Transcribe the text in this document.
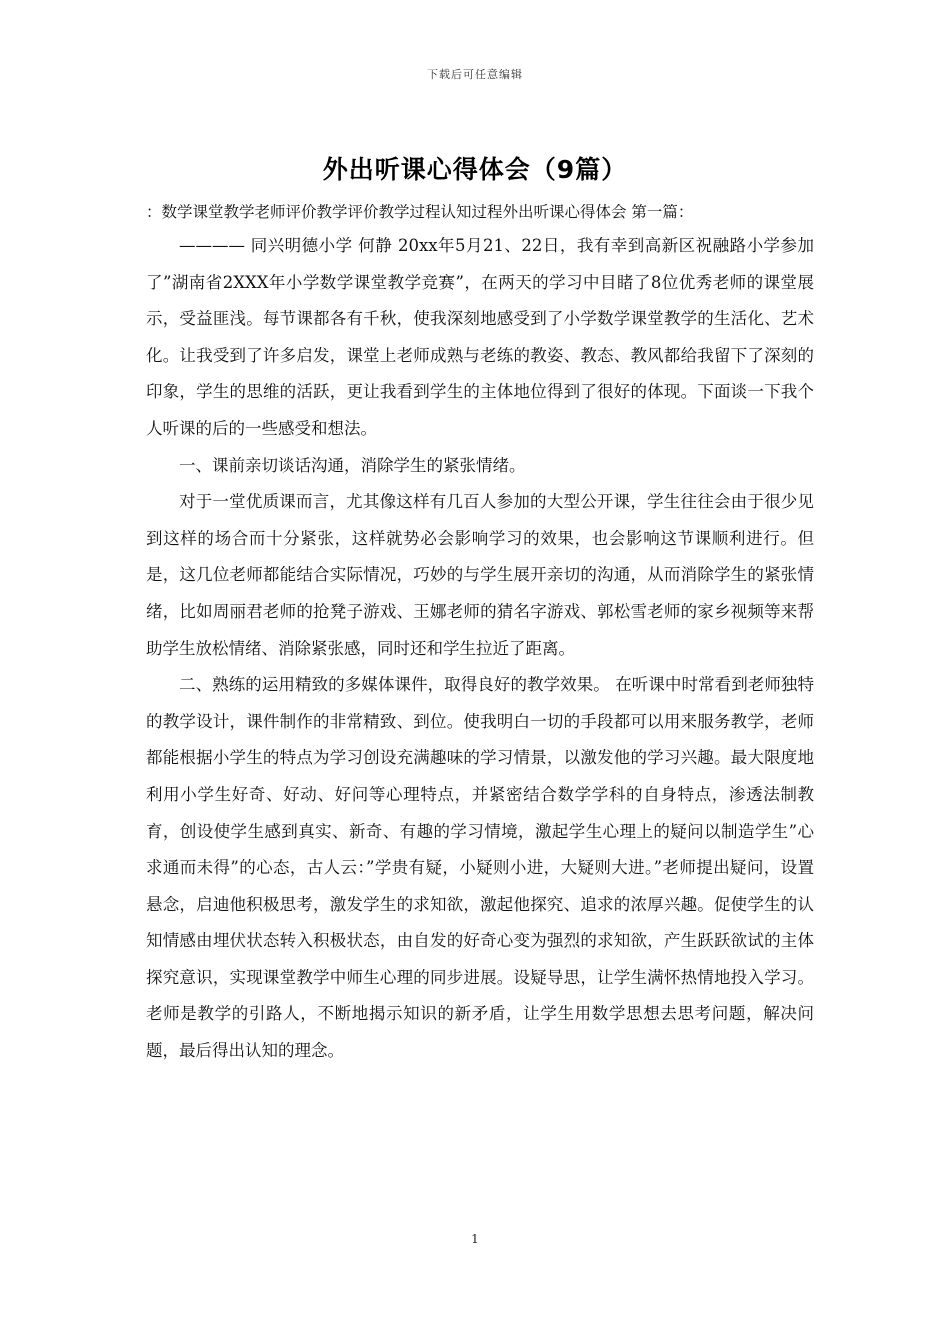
下载后可任意编辑
外出听课心得体会（9篇）
：数学课堂教学老师评价教学评价教学过程认知过程外出听课心得体会 第一篇：

———— 同兴明德小学 何静 20xx年5月21、22日，我有幸到高新区祝融路小学参加了”湖南省2XXX年小学数学课堂教学竞赛”，在两天的学习中目睹了8位优秀老师的课堂展示，受益匪浅。每节课都各有千秋，使我深刻地感受到了小学数学课堂教学的生活化、艺术化。让我受到了许多启发，课堂上老师成熟与老练的教姿、教态、教风都给我留下了深刻的印象，学生的思维的活跃，更让我看到学生的主体地位得到了很好的体现。下面谈一下我个人听课的后的一些感受和想法。

一、课前亲切谈话沟通，消除学生的紧张情绪。

对于一堂优质课而言，尤其像这样有几百人参加的大型公开课，学生往往会由于很少见到这样的场合而十分紧张，这样就势必会影响学习的效果，也会影响这节课顺利进行。但是，这几位老师都能结合实际情况，巧妙的与学生展开亲切的沟通，从而消除学生的紧张情绪，比如周丽君老师的抢凳子游戏、王娜老师的猜名字游戏、郭松雪老师的家乡视频等来帮助学生放松情绪、消除紧张感，同时还和学生拉近了距离。

二、熟练的运用精致的多媒体课件，取得良好的教学效果。 在听课中时常看到老师独特的教学设计，课件制作的非常精致、到位。使我明白一切的手段都可以用来服务教学，老师都能根据小学生的特点为学习创设充满趣味的学习情景，以激发他的学习兴趣。最大限度地利用小学生好奇、好动、好问等心理特点，并紧密结合数学学科的自身特点，渗透法制教育，创设使学生感到真实、新奇、有趣的学习情境，激起学生心理上的疑问以制造学生”心求通而未得”的心态，古人云：”学贵有疑，小疑则小进，大疑则大进。”老师提出疑问，设置悬念，启迪他积极思考，激发学生的求知欲，激起他探究、追求的浓厚兴趣。促使学生的认知情感由埋伏状态转入积极状态，由自发的好奇心变为强烈的求知欲，产生跃跃欲试的主体探究意识，实现课堂教学中师生心理的同步进展。设疑导思，让学生满怀热情地投入学习。老师是教学的引路人，不断地揭示知识的新矛盾，让学生用数学思想去思考问题，解决问题，最后得出认知的理念。

1
